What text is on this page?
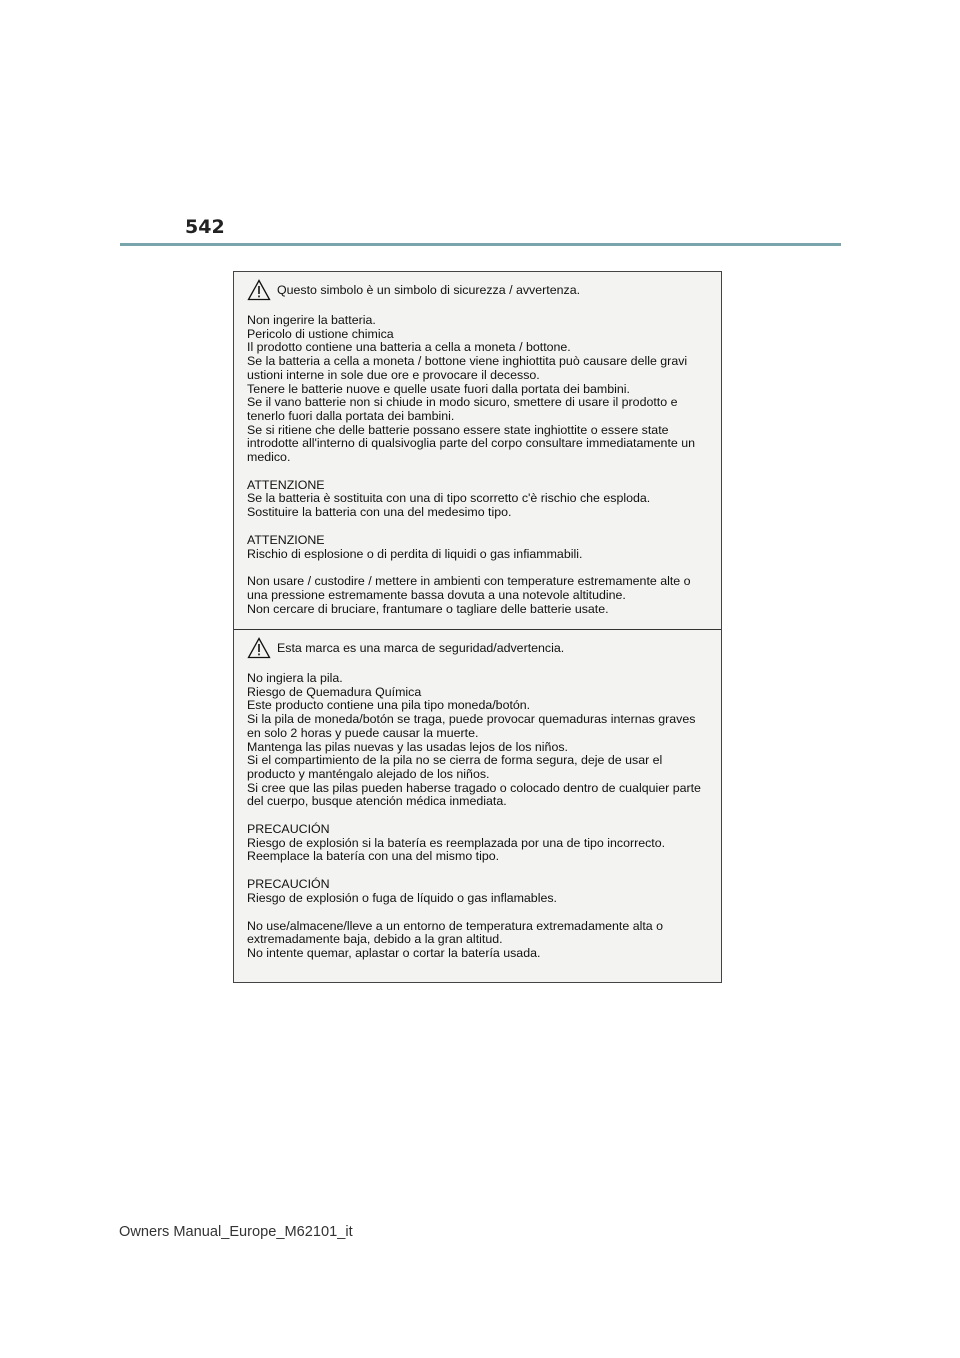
542
Questo simbolo è un simbolo di sicurezza / avvertenza.

Non ingerire la batteria.
Pericolo di ustione chimica
Il prodotto contiene una batteria a cella a moneta / bottone.
Se la batteria a cella a moneta / bottone viene inghiottita può causare delle gravi
ustioni interne in sole due ore e provocare il decesso.
Tenere le batterie nuove e quelle usate fuori dalla portata dei bambini.
Se il vano batterie non si chiude in modo sicuro, smettere di usare il prodotto e
tenerlo fuori dalla portata dei bambini.
Se si ritiene che delle batterie possano essere state inghiottite o essere state
introdotte all'interno di qualsivoglia parte del corpo consultare immediatamente un
medico.

ATTENZIONE
Se la batteria è sostituita con una di tipo scorretto c'è rischio che esploda.
Sostituire la batteria con una del medesimo tipo.

ATTENZIONE
Rischio di esplosione o di perdita di liquidi o gas infiammabili.

Non usare / custodire / mettere in ambienti con temperature estremamente alte o
una pressione estremamente bassa dovuta a una notevole altitudine.
Non cercare di bruciare, frantumare o tagliare delle batterie usate.

Esta marca es una marca de seguridad/advertencia.

No ingiera la pila.
Riesgo de Quemadura Química
Este producto contiene una pila tipo moneda/botón.
Si la pila de moneda/botón se traga, puede provocar quemaduras internas graves
en solo 2 horas y puede causar la muerte.
Mantenga las pilas nuevas y las usadas lejos de los niños.
Si el compartimiento de la pila no se cierra de forma segura, deje de usar el
producto y manténgalo alejado de los niños.
Si cree que las pilas pueden haberse tragado o colocado dentro de cualquier parte
del cuerpo, busque atención médica inmediata.

PRECAUCIÓN
Riesgo de explosión si la batería es reemplazada por una de tipo incorrecto.
Reemplace la batería con una del mismo tipo.

PRECAUCIÓN
Riesgo de explosión o fuga de líquido o gas inflamables.

No use/almacene/lleve a un entorno de temperatura extremadamente alta o
extremadamente baja, debido a la gran altitud.
No intente quemar, aplastar o cortar la batería usada.

Owners Manual_Europe_M62101_it
